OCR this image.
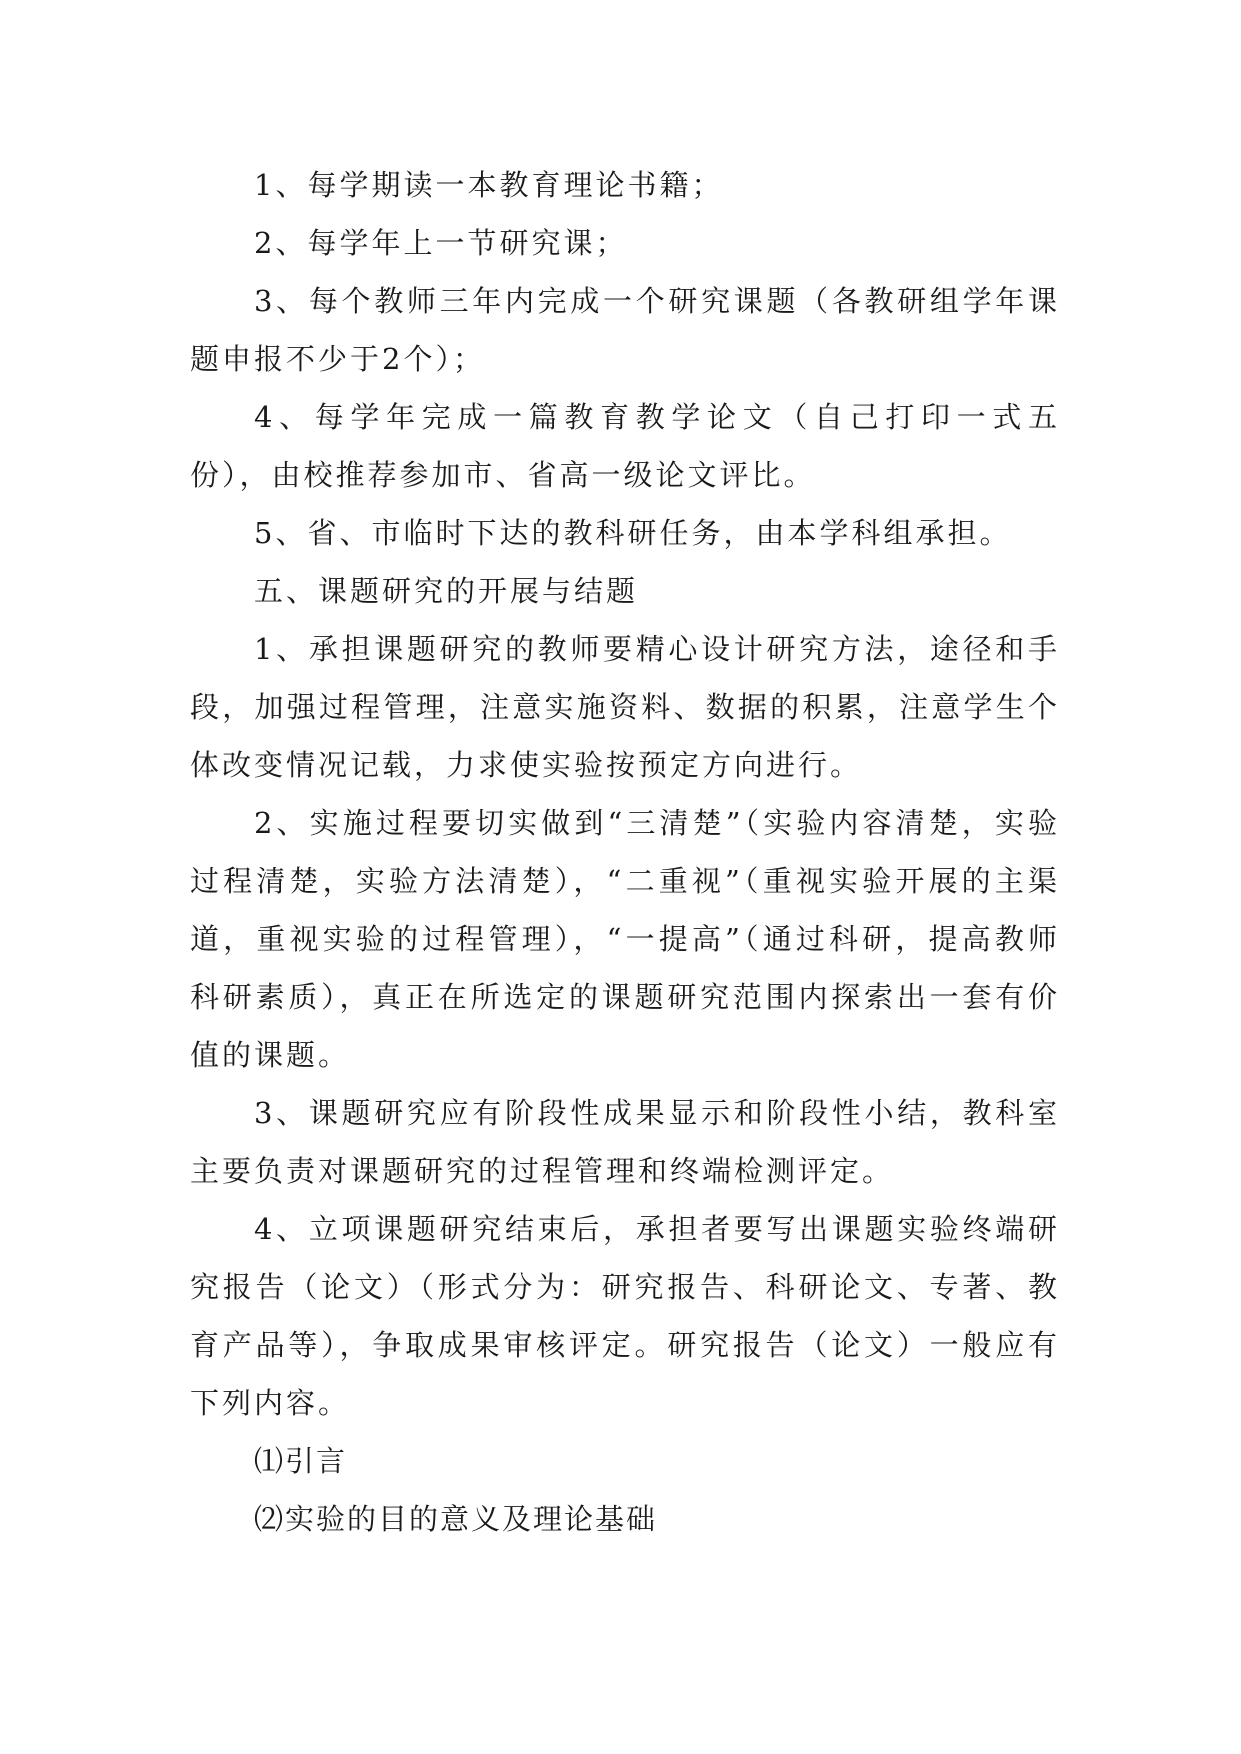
1、每学期读一本教育理论书籍；

2、每学年上一节研究课；

3、每个教师三年内完成一个研究课题（各教研组学年课题申报不少于2个）；

4、每学年完成一篇教育教学论文（自己打印一式五份），由校推荐参加市、省高一级论文评比。

5、省、市临时下达的教科研任务，由本学科组承担。

五、课题研究的开展与结题

1、承担课题研究的教师要精心设计研究方法，途径和手段，加强过程管理，注意实施资料、数据的积累，注意学生个体改变情况记载，力求使实验按预定方向进行。

2、实施过程要切实做到“三清楚”（实验内容清楚，实验过程清楚，实验方法清楚），“二重视”（重视实验开展的主渠道，重视实验的过程管理），“一提高”（通过科研，提高教师科研素质），真正在所选定的课题研究范围内探索出一套有价值的课题。

3、课题研究应有阶段性成果显示和阶段性小结，教科室主要负责对课题研究的过程管理和终端检测评定。

4、立项课题研究结束后，承担者要写出课题实验终端研究报告（论文）（形式分为：研究报告、科研论文、专著、教育产品等），争取成果审核评定。研究报告（论文）一般应有下列内容。

⑴引言

⑵实验的目的意义及理论基础
